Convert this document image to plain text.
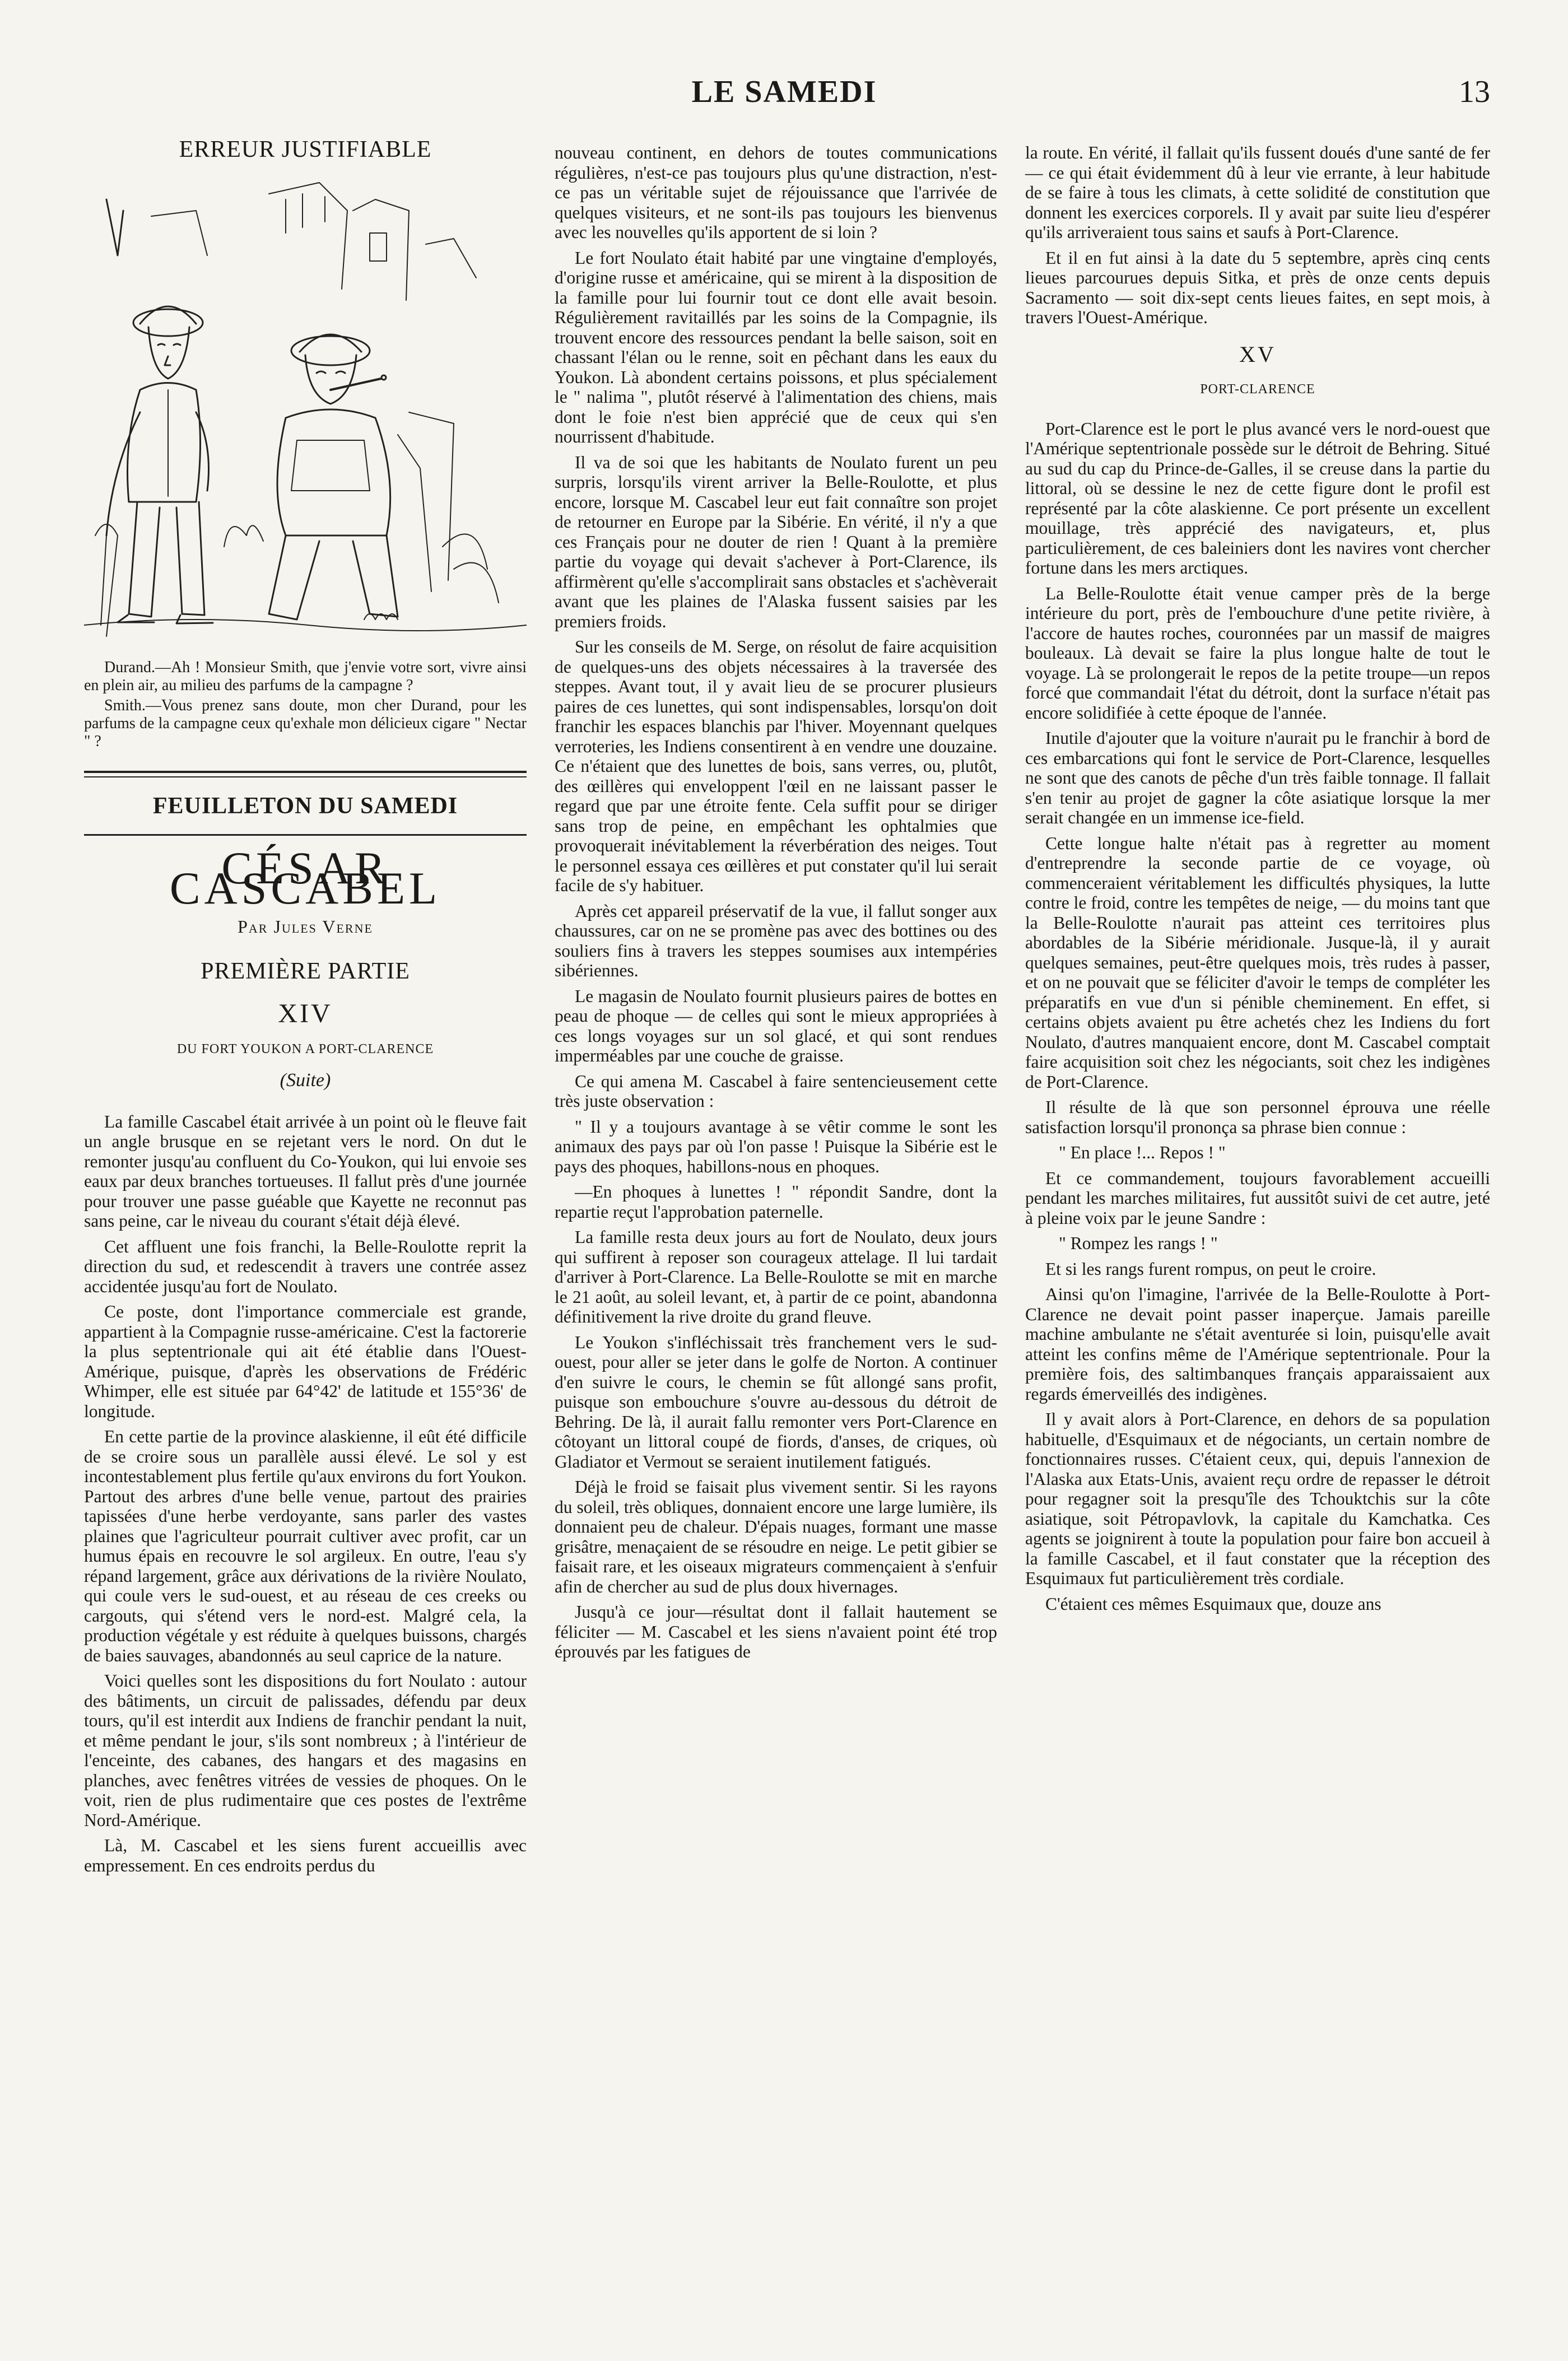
LE SAMEDI	13
ERREUR JUSTIFIABLE

Durand.—Ah ! Monsieur Smith, que j'envie votre sort, vivre ainsi en plein air, au milieu des parfums de la campagne ?

Smith.—Vous prenez sans doute, mon cher Durand, pour les parfums de la campagne ceux qu'exhale mon délicieux cigare " Nectar " ?

FEUILLETON DU SAMEDI
CÉSAR CASCABEL
Par Jules Verne
PREMIÈRE PARTIE
XIV
DU FORT YOUKON A PORT-CLARENCE
(Suite)

La famille Cascabel était arrivée à un point où le fleuve fait un angle brusque en se rejetant vers le nord. On dut le remonter jusqu'au confluent du Co-Youkon, qui lui envoie ses eaux par deux branches tortueuses. Il fallut près d'une journée pour trouver une passe guéable que Kayette ne reconnut pas sans peine, car le niveau du courant s'était déjà élevé.

Cet affluent une fois franchi, la Belle-Roulotte reprit la direction du sud, et redescendit à travers une contrée assez accidentée jusqu'au fort de Noulato.

Ce poste, dont l'importance commerciale est grande, appartient à la Compagnie russe-américaine. C'est la factorerie la plus septentrionale qui ait été établie dans l'Ouest-Amérique, puisque, d'après les observations de Frédéric Whimper, elle est située par 64°42' de latitude et 155°36' de longitude.

En cette partie de la province alaskienne, il eût été difficile de se croire sous un parallèle aussi élevé. Le sol y est incontestablement plus fertile qu'aux environs du fort Youkon. Partout des arbres d'une belle venue, partout des prairies tapissées d'une herbe verdoyante, sans parler des vastes plaines que l'agriculteur pourrait cultiver avec profit, car un humus épais en recouvre le sol argileux. En outre, l'eau s'y répand largement, grâce aux dérivations de la rivière Noulato, qui coule vers le sud-ouest, et au réseau de ces creeks ou cargouts, qui s'étend vers le nord-est. Malgré cela, la production végétale y est réduite à quelques buissons, chargés de baies sauvages, abandonnés au seul caprice de la nature.

Voici quelles sont les dispositions du fort Noulato : autour des bâtiments, un circuit de palissades, défendu par deux tours, qu'il est interdit aux Indiens de franchir pendant la nuit, et même pendant le jour, s'ils sont nombreux ; à l'intérieur de l'enceinte, des cabanes, des hangars et des magasins en planches, avec fenêtres vitrées de vessies de phoques. On le voit, rien de plus rudimentaire que ces postes de l'extrême Nord-Amérique.

Là, M. Cascabel et les siens furent accueillis avec empressement. En ces endroits perdus du

nouveau continent, en dehors de toutes communications régulières, n'est-ce pas toujours plus qu'une distraction, n'est-ce pas un véritable sujet de réjouissance que l'arrivée de quelques visiteurs, et ne sont-ils pas toujours les bienvenus avec les nouvelles qu'ils apportent de si loin ?

Le fort Noulato était habité par une vingtaine d'employés, d'origine russe et américaine, qui se mirent à la disposition de la famille pour lui fournir tout ce dont elle avait besoin. Régulièrement ravitaillés par les soins de la Compagnie, ils trouvent encore des ressources pendant la belle saison, soit en chassant l'élan ou le renne, soit en pêchant dans les eaux du Youkon. Là abondent certains poissons, et plus spécialement le " nalima ", plutôt réservé à l'alimentation des chiens, mais dont le foie n'est bien apprécié que de ceux qui s'en nourrissent d'habitude.

Il va de soi que les habitants de Noulato furent un peu surpris, lorsqu'ils virent arriver la Belle-Roulotte, et plus encore, lorsque M. Cascabel leur eut fait connaître son projet de retourner en Europe par la Sibérie. En vérité, il n'y a que ces Français pour ne douter de rien ! Quant à la première partie du voyage qui devait s'achever à Port-Clarence, ils affirmèrent qu'elle s'accomplirait sans obstacles et s'achèverait avant que les plaines de l'Alaska fussent saisies par les premiers froids.

Sur les conseils de M. Serge, on résolut de faire acquisition de quelques-uns des objets nécessaires à la traversée des steppes. Avant tout, il y avait lieu de se procurer plusieurs paires de ces lunettes, qui sont indispensables, lorsqu'on doit franchir les espaces blanchis par l'hiver. Moyennant quelques verroteries, les Indiens consentirent à en vendre une douzaine. Ce n'étaient que des lunettes de bois, sans verres, ou, plutôt, des œillères qui enveloppent l'œil en ne laissant passer le regard que par une étroite fente. Cela suffit pour se diriger sans trop de peine, en empêchant les ophtalmies que provoquerait inévitablement la réverbération des neiges. Tout le personnel essaya ces œillères et put constater qu'il lui serait facile de s'y habituer.

Après cet appareil préservatif de la vue, il fallut songer aux chaussures, car on ne se promène pas avec des bottines ou des souliers fins à travers les steppes soumises aux intempéries sibériennes.

Le magasin de Noulato fournit plusieurs paires de bottes en peau de phoque — de celles qui sont le mieux appropriées à ces longs voyages sur un sol glacé, et qui sont rendues imperméables par une couche de graisse.

Ce qui amena M. Cascabel à faire sentencieusement cette très juste observation :

" Il y a toujours avantage à se vêtir comme le sont les animaux des pays par où l'on passe ! Puisque la Sibérie est le pays des phoques, habillons-nous en phoques.

—En phoques à lunettes ! " répondit Sandre, dont la repartie reçut l'approbation paternelle.

La famille resta deux jours au fort de Noulato, deux jours qui suffirent à reposer son courageux attelage. Il lui tardait d'arriver à Port-Clarence. La Belle-Roulotte se mit en marche le 21 août, au soleil levant, et, à partir de ce point, abandonna définitivement la rive droite du grand fleuve.

Le Youkon s'infléchissait très franchement vers le sud-ouest, pour aller se jeter dans le golfe de Norton. A continuer d'en suivre le cours, le chemin se fût allongé sans profit, puisque son embouchure s'ouvre au-dessous du détroit de Behring. De là, il aurait fallu remonter vers Port-Clarence en côtoyant un littoral coupé de fiords, d'anses, de criques, où Gladiator et Vermout se seraient inutilement fatigués.

Déjà le froid se faisait plus vivement sentir. Si les rayons du soleil, très obliques, donnaient encore une large lumière, ils donnaient peu de chaleur. D'épais nuages, formant une masse grisâtre, menaçaient de se résoudre en neige. Le petit gibier se faisait rare, et les oiseaux migrateurs commençaient à s'enfuir afin de chercher au sud de plus doux hivernages.

Jusqu'à ce jour—résultat dont il fallait hautement se féliciter — M. Cascabel et les siens n'avaient point été trop éprouvés par les fatigues de

la route. En vérité, il fallait qu'ils fussent doués d'une santé de fer — ce qui était évidemment dû à leur vie errante, à leur habitude de se faire à tous les climats, à cette solidité de constitution que donnent les exercices corporels. Il y avait par suite lieu d'espérer qu'ils arriveraient tous sains et saufs à Port-Clarence.

Et il en fut ainsi à la date du 5 septembre, après cinq cents lieues parcourues depuis Sitka, et près de onze cents depuis Sacramento — soit dix-sept cents lieues faites, en sept mois, à travers l'Ouest-Amérique.

XV
PORT-CLARENCE

Port-Clarence est le port le plus avancé vers le nord-ouest que l'Amérique septentrionale possède sur le détroit de Behring. Situé au sud du cap du Prince-de-Galles, il se creuse dans la partie du littoral, où se dessine le nez de cette figure dont le profil est représenté par la côte alaskienne. Ce port présente un excellent mouillage, très apprécié des navigateurs, et, plus particulièrement, de ces baleiniers dont les navires vont chercher fortune dans les mers arctiques.

La Belle-Roulotte était venue camper près de la berge intérieure du port, près de l'embouchure d'une petite rivière, à l'accore de hautes roches, couronnées par un massif de maigres bouleaux. Là devait se faire la plus longue halte de tout le voyage. Là se prolongerait le repos de la petite troupe—un repos forcé que commandait l'état du détroit, dont la surface n'était pas encore solidifiée à cette époque de l'année.

Inutile d'ajouter que la voiture n'aurait pu le franchir à bord de ces embarcations qui font le service de Port-Clarence, lesquelles ne sont que des canots de pêche d'un très faible tonnage. Il fallait s'en tenir au projet de gagner la côte asiatique lorsque la mer serait changée en un immense ice-field.

Cette longue halte n'était pas à regretter au moment d'entreprendre la seconde partie de ce voyage, où commenceraient véritablement les difficultés physiques, la lutte contre le froid, contre les tempêtes de neige, — du moins tant que la Belle-Roulotte n'aurait pas atteint ces territoires plus abordables de la Sibérie méridionale. Jusque-là, il y aurait quelques semaines, peut-être quelques mois, très rudes à passer, et on ne pouvait que se féliciter d'avoir le temps de compléter les préparatifs en vue d'un si pénible cheminement. En effet, si certains objets avaient pu être achetés chez les Indiens du fort Noulato, d'autres manquaient encore, dont M. Cascabel comptait faire acquisition soit chez les négociants, soit chez les indigènes de Port-Clarence.

Il résulte de là que son personnel éprouva une réelle satisfaction lorsqu'il prononça sa phrase bien connue :

" En place !... Repos ! "

Et ce commandement, toujours favorablement accueilli pendant les marches militaires, fut aussitôt suivi de cet autre, jeté à pleine voix par le jeune Sandre :

" Rompez les rangs ! "

Et si les rangs furent rompus, on peut le croire.

Ainsi qu'on l'imagine, l'arrivée de la Belle-Roulotte à Port-Clarence ne devait point passer inaperçue. Jamais pareille machine ambulante ne s'était aventurée si loin, puisqu'elle avait atteint les confins même de l'Amérique septentrionale. Pour la première fois, des saltimbanques français apparaissaient aux regards émerveillés des indigènes.

Il y avait alors à Port-Clarence, en dehors de sa population habituelle, d'Esquimaux et de négociants, un certain nombre de fonctionnaires russes. C'étaient ceux, qui, depuis l'annexion de l'Alaska aux Etats-Unis, avaient reçu ordre de repasser le détroit pour regagner soit la presqu'île des Tchouktchis sur la côte asiatique, soit Pétropavlovk, la capitale du Kamchatka. Ces agents se joignirent à toute la population pour faire bon accueil à la famille Cascabel, et il faut constater que la réception des Esquimaux fut particulièrement très cordiale.

C'étaient ces mêmes Esquimaux que, douze ans
